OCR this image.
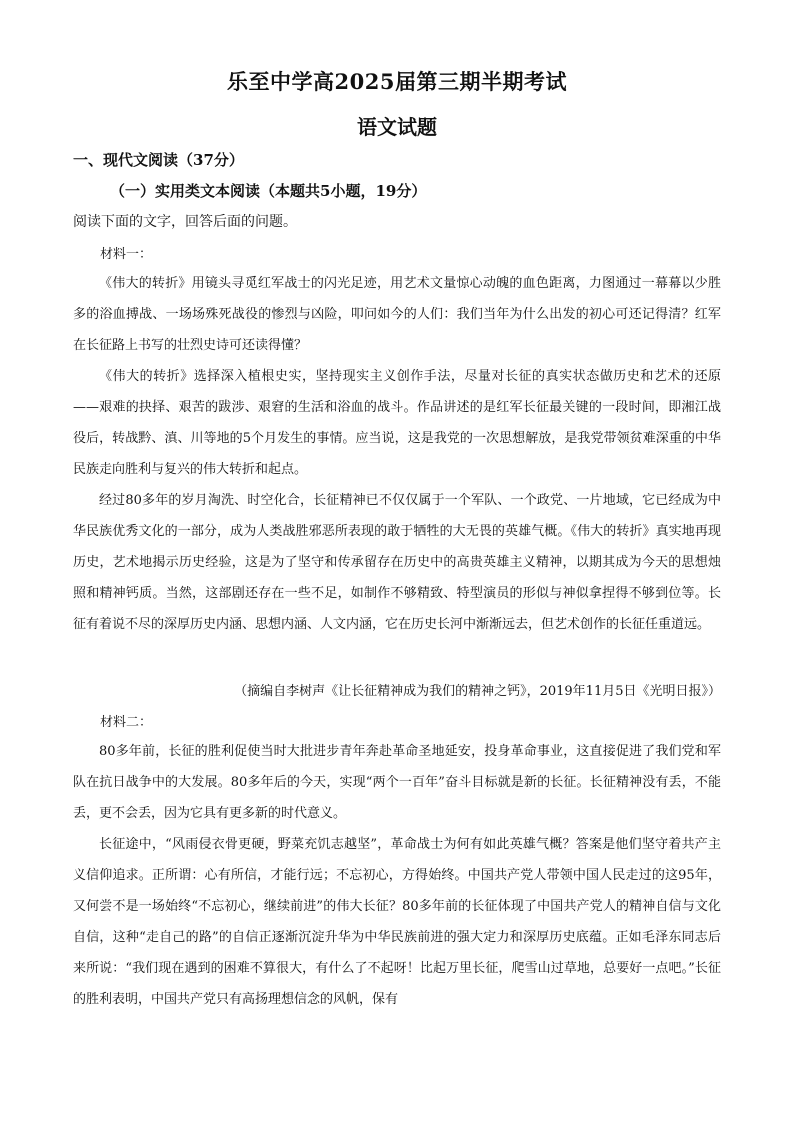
乐至中学高2025届第三期半期考试
语文试题
一、现代文阅读（37分）
（一）实用类文本阅读（本题共5小题，19分）
阅读下面的文字，回答后面的问题。
材料一：

《伟大的转折》用镜头寻觅红军战士的闪光足迹，用艺术文量惊心动魄的血色距离，力图通过一幕幕以少胜多的浴血搏战、一场场殊死战役的惨烈与凶险，叩问如今的人们：我们当年为什么出发的初心可还记得清？红军在长征路上书写的壮烈史诗可还读得懂？

《伟大的转折》选择深入植根史实，坚持现实主义创作手法，尽量对长征的真实状态做历史和艺术的还原——艰难的抉择、艰苦的跋涉、艰窘的生活和浴血的战斗。作品讲述的是红军长征最关键的一段时间，即湘江战役后，转战黔、滇、川等地的5个月发生的事情。应当说，这是我党的一次思想解放，是我党带领贫难深重的中华民族走向胜利与复兴的伟大转折和起点。

经过80多年的岁月淘洗、时空化合，长征精神已不仅仅属于一个军队、一个政党、一片地域，它已经成为中华民族优秀文化的一部分，成为人类战胜邪恶所表现的敢于牺牲的大无畏的英雄气概。《伟大的转折》真实地再现历史，艺术地揭示历史经验，这是为了坚守和传承留存在历史中的高贵英雄主义精神，以期其成为今天的思想烛照和精神钙质。当然，这部剧还存在一些不足，如制作不够精致、特型演员的形似与神似拿捏得不够到位等。长征有着说不尽的深厚历史内涵、思想内涵、人文内涵，它在历史长河中渐渐远去，但艺术创作的长征任重道远。

（摘编自李树声《让长征精神成为我们的精神之钙》，2019年11月5日《光明日报》）
材料二：

80多年前，长征的胜利促使当时大批进步青年奔赴革命圣地延安，投身革命事业，这直接促进了我们党和军队在抗日战争中的大发展。80多年后的今天，实现“两个一百年”奋斗目标就是新的长征。长征精神没有丢，不能丢，更不会丢，因为它具有更多新的时代意义。

长征途中，“风雨侵衣骨更硬，野菜充饥志越坚”，革命战士为何有如此英雄气概？答案是他们坚守着共产主义信仰追求。正所谓：心有所信，才能行远；不忘初心，方得始终。中国共产党人带领中国人民走过的这95年，又何尝不是一场始终“不忘初心，继续前进”的伟大长征？80多年前的长征体现了中国共产党人的精神自信与文化自信，这种“走自己的路”的自信正逐渐沉淀升华为中华民族前进的强大定力和深厚历史底蕴。正如毛泽东同志后来所说：“我们现在遇到的困难不算很大，有什么了不起呀！比起万里长征，爬雪山过草地，总要好一点吧。”长征的胜利表明，中国共产党只有高扬理想信念的风帆，保有
